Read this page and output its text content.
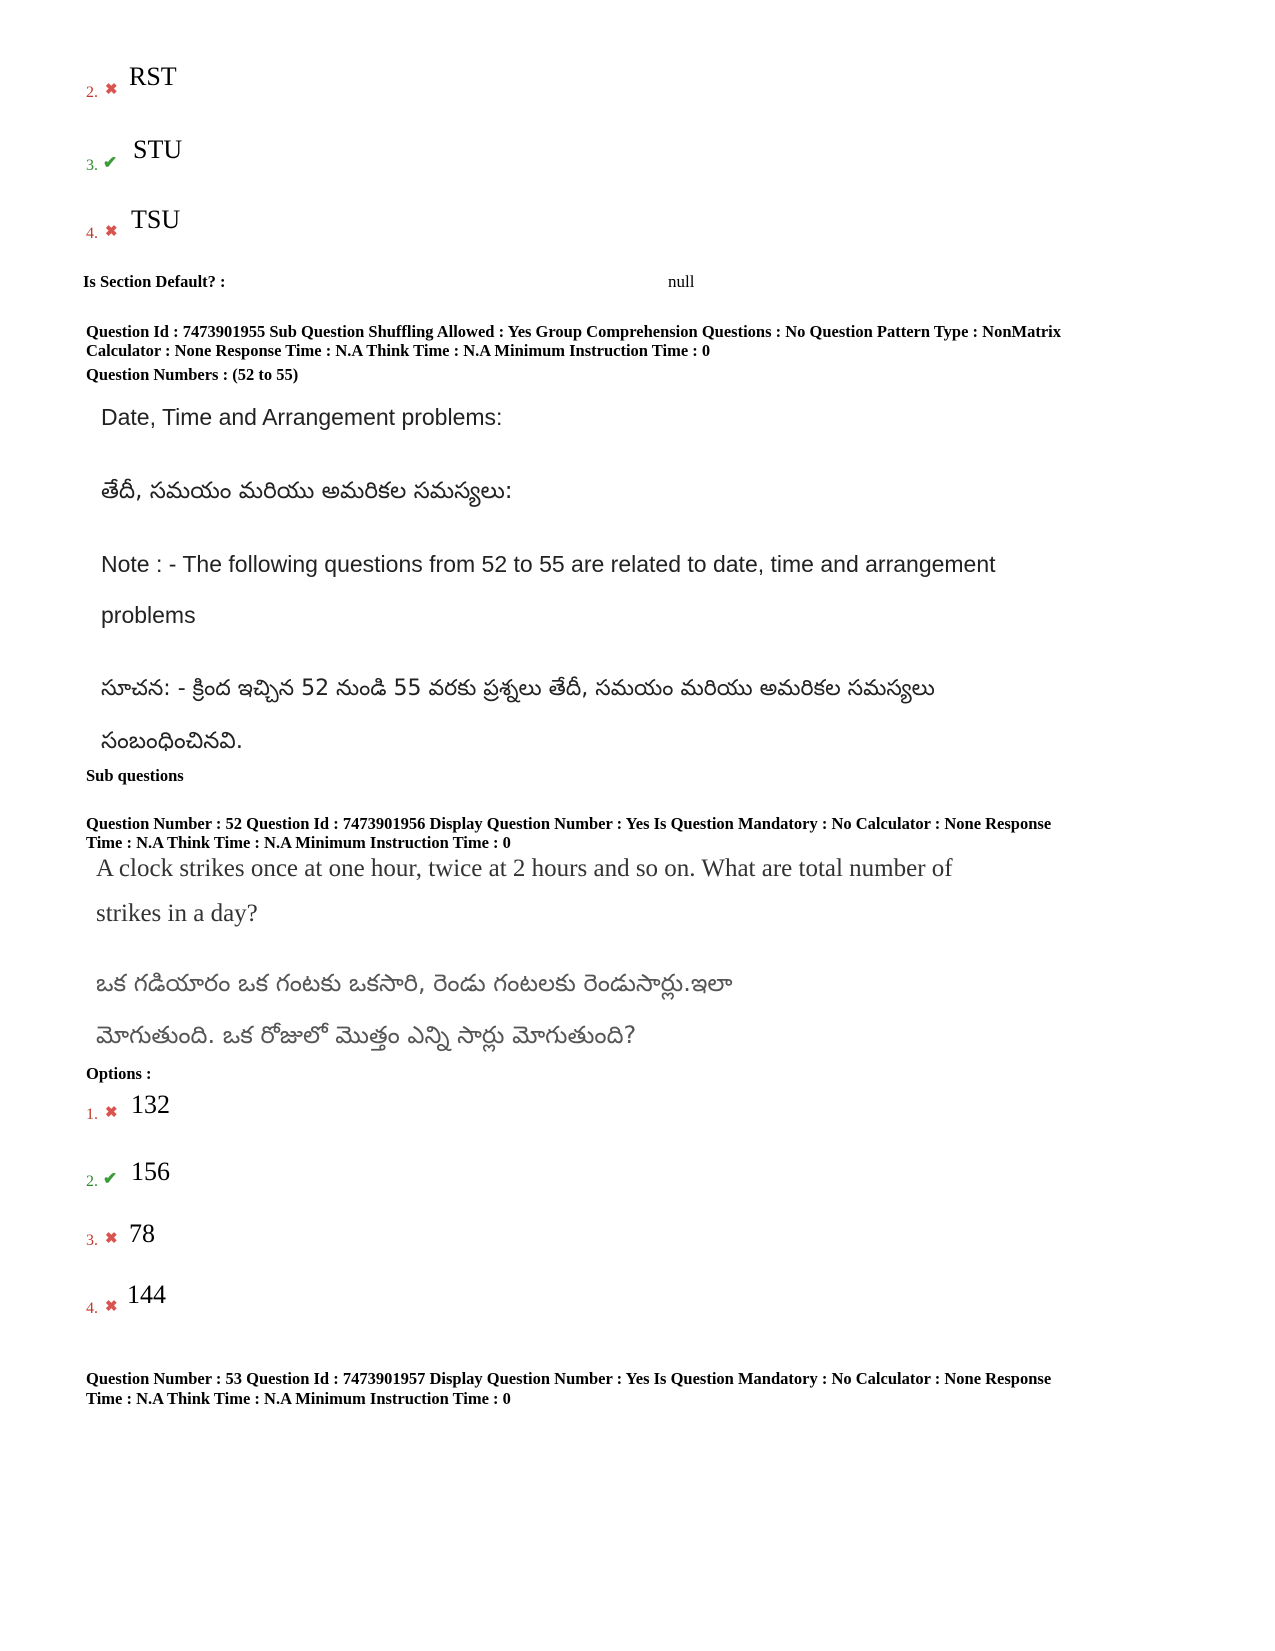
2. ✖ RST
3. ✔ STU
4. ✖ TSU
Is Section Default? :	null
Question Id : 7473901955 Sub Question Shuffling Allowed : Yes Group Comprehension Questions : No Question Pattern Type : NonMatrix
Calculator : None Response Time : N.A Think Time : N.A Minimum Instruction Time : 0
Question Numbers : (52 to 55)
Date, Time and Arrangement problems:
తేదీ, సమయం మరియు అమరికల సమస్యలు:
Note : - The following questions from 52 to 55 are related to date, time and arrangement
problems
సూచన: - క్రింద ఇచ్చిన 52 నుండి 55 వరకు ప్రశ్నలు తేదీ, సమయం మరియు అమరికల సమస్యలు
సంబంధించినవి.
Sub questions
Question Number : 52 Question Id : 7473901956 Display Question Number : Yes Is Question Mandatory : No Calculator : None Response
Time : N.A Think Time : N.A Minimum Instruction Time : 0
A clock strikes once at one hour, twice at 2 hours and so on. What are total number of
strikes in a day?
ఒక గడియారం ఒక గంటకు ఒకసారి, రెండు గంటలకు రెండుసార్లు.ఇలా
మోగుతుంది. ఒక రోజులో మొత్తం ఎన్ని సార్లు మోగుతుంది?
Options :
1. ✖ 132
2. ✔ 156
3. ✖ 78
4. ✖ 144
Question Number : 53 Question Id : 7473901957 Display Question Number : Yes Is Question Mandatory : No Calculator : None Response
Time : N.A Think Time : N.A Minimum Instruction Time : 0
